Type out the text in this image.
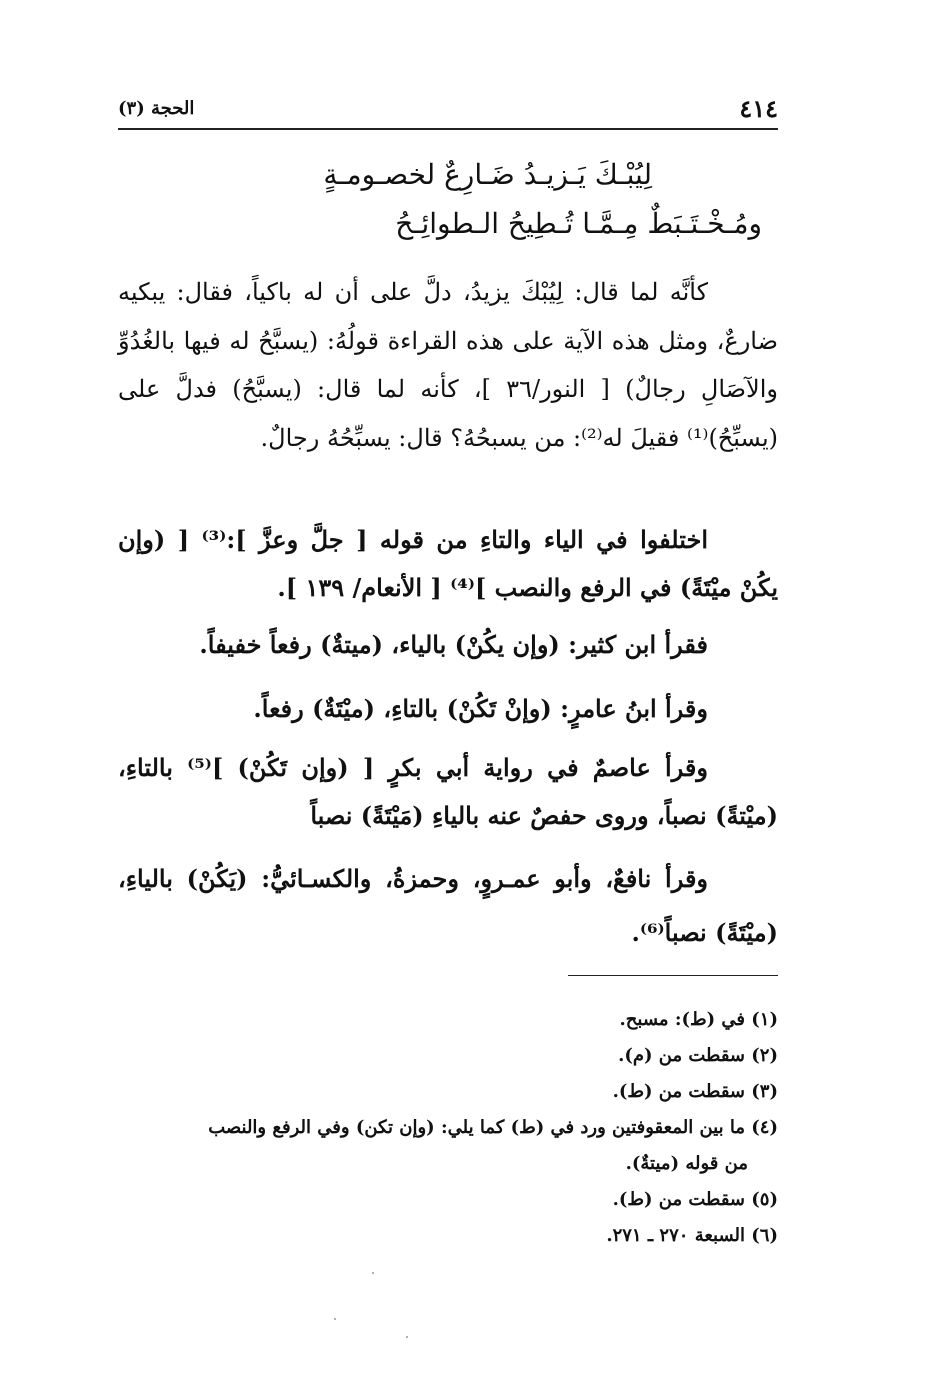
٤١٤
الحجة (٣)
لِيُبْـكَ يَـزيـدُ ضَـارِعٌ لخصـومـةٍ
ومُـخْـتَـبَطٌ مِـمَّـا تُـطِيحُ الـطوائِـحُ

كأنَّه لما قال: لِيُبْكَ يزيدُ، دلَّ على أن له باكياً، فقال: يبكيه ضارعٌ، ومثل هذه الآية على هذه القراءة قولُهُ: (يسبَّحُ له فيها بالغُدُوِّ والآصَالِ رجالٌ) [ النور/٣٦ ]، كأنه لما قال: (يسبَّحُ) فدلَّ على (يسبِّحُ)⁽¹⁾ فقيلَ له⁽²⁾: من يسبحُهُ؟ قال: يسبِّحُهُ رجالٌ.

اختلفوا في الياء والتاءِ من قوله [ جلَّ وعزَّ ]:⁽³⁾ [ (وإن يكُنْ ميْتَةً) في الرفع والنصب ]⁽⁴⁾ [ الأنعام/ ١٣٩ ].

فقرأ ابن كثير: (وإن يكُنْ) بالياء، (ميتةٌ) رفعاً خفيفاً.

وقرأ ابنُ عامرٍ: (وإنْ تَكُنْ) بالتاءِ، (ميْتَةٌ) رفعاً.

وقرأ عاصمٌ في رواية أبي بكرٍ [ (وإن تَكُنْ) ]⁽⁵⁾ بالتاءِ، (ميْتةً) نصباً، وروى حفصٌ عنه بالياءِ (مَيْتَةً) نصباً

وقرأ نافعٌ، وأبو عمـروٍ، وحمزةُ، والكسـائيُّ: (يَكُنْ) بالياءِ، (ميْتَةً) نصباً⁽⁶⁾.

(١) في (ط): مسبح.

(٢) سقطت من (م).

(٣) سقطت من (ط).

(٤) ما بين المعقوفتين ورد في (ط) كما يلي: (وإن تكن) وفي الرفع والنصب

من قوله (ميتةٌ).

(٥) سقطت من (ط).

(٦) السبعة ٢٧٠ ـ ٢٧١.
